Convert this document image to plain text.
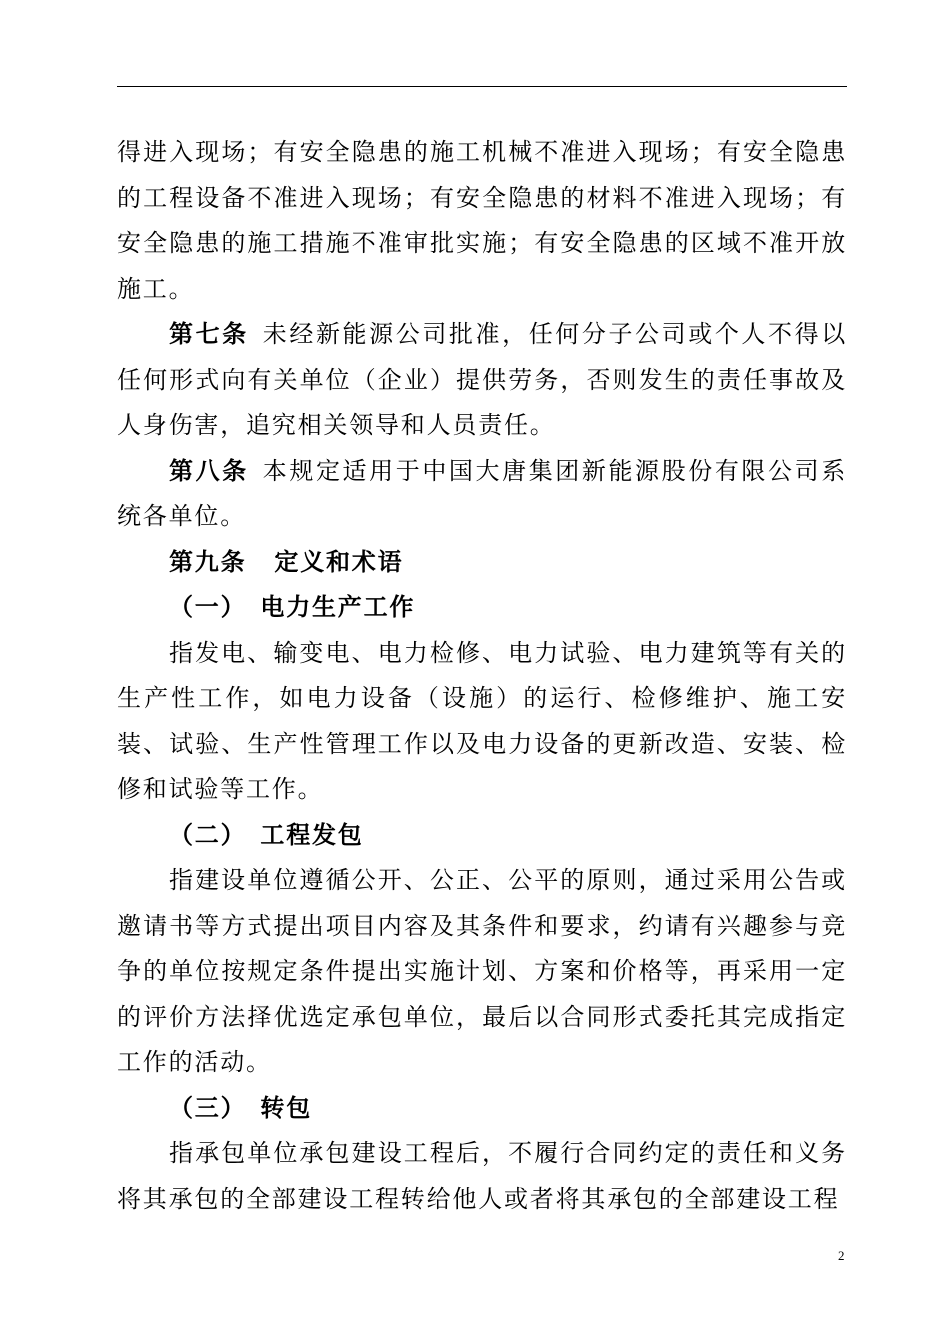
得进入现场；有安全隐患的施工机械不准进入现场；有安全隐患的工程设备不准进入现场；有安全隐患的材料不准进入现场；有安全隐患的施工措施不准审批实施；有安全隐患的区域不准开放施工。

第七条 未经新能源公司批准，任何分子公司或个人不得以任何形式向有关单位（企业）提供劳务，否则发生的责任事故及人身伤害，追究相关领导和人员责任。

第八条 本规定适用于中国大唐集团新能源股份有限公司系统各单位。

第九条 定义和术语

（一） 电力生产工作

指发电、输变电、电力检修、电力试验、电力建筑等有关的生产性工作，如电力设备（设施）的运行、检修维护、施工安装、试验、生产性管理工作以及电力设备的更新改造、安装、检修和试验等工作。

（二） 工程发包

指建设单位遵循公开、公正、公平的原则，通过采用公告或邀请书等方式提出项目内容及其条件和要求，约请有兴趣参与竞争的单位按规定条件提出实施计划、方案和价格等，再采用一定的评价方法择优选定承包单位，最后以合同形式委托其完成指定工作的活动。

（三） 转包

指承包单位承包建设工程后，不履行合同约定的责任和义务将其承包的全部建设工程转给他人或者将其承包的全部建设工程

2
